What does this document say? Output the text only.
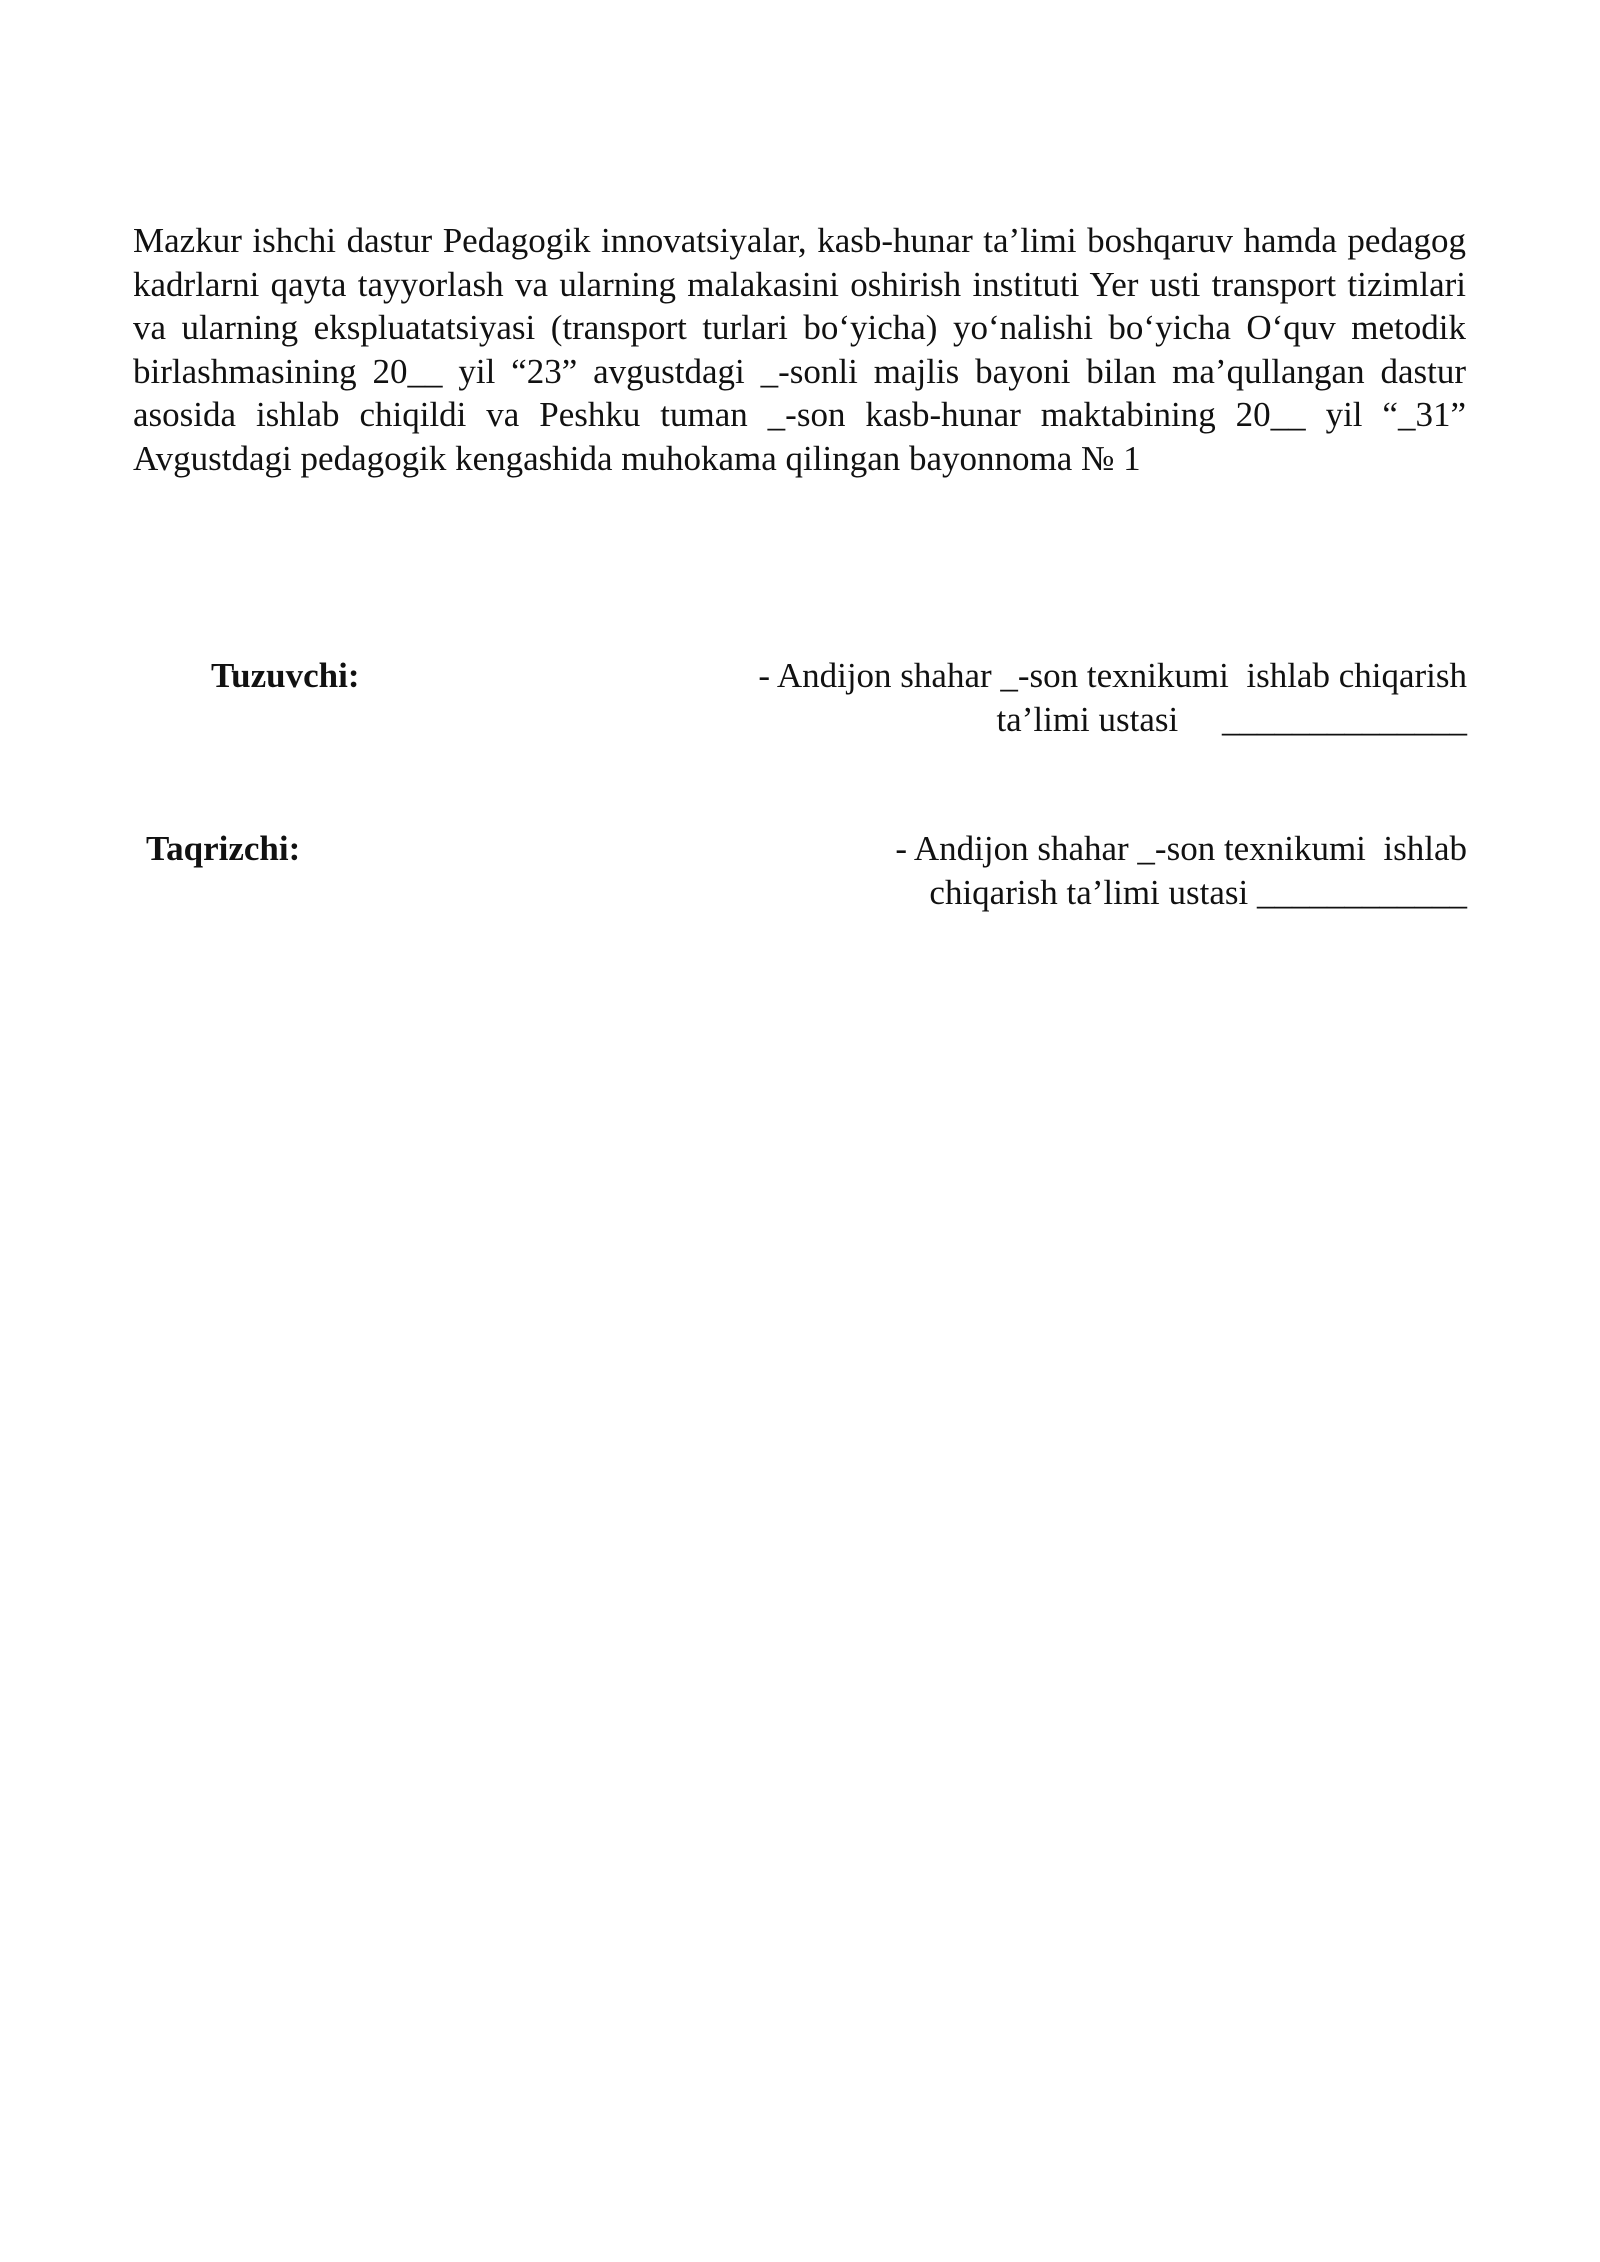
Mazkur ishchi dastur Pedagogik innovatsiyalar, kasb-hunar ta’limi boshqaruv hamda pedagog kadrlarni qayta tayyorlash va ularning malakasini oshirish instituti Yer usti transport tizimlari va ularning ekspluatatsiyasi (transport turlari bo‘yicha) yo‘nalishi bo‘yicha O‘quv metodik birlashmasining 20__ yil “23” avgustdagi _-sonli majlis bayoni bilan ma’qullangan dastur asosida ishlab chiqildi va Peshku tuman _-son kasb-hunar maktabining 20__ yil “_31” Avgustdagi pedagogik kengashida muhokama qilingan bayonnoma № 1

Tuzuvchi:	- Andijon shahar _-son texnikumi  ishlab chiqarish
ta’limi ustasi     ______________

Taqrizchi:	- Andijon shahar _-son texnikumi  ishlab
chiqarish ta’limi ustasi ____________
